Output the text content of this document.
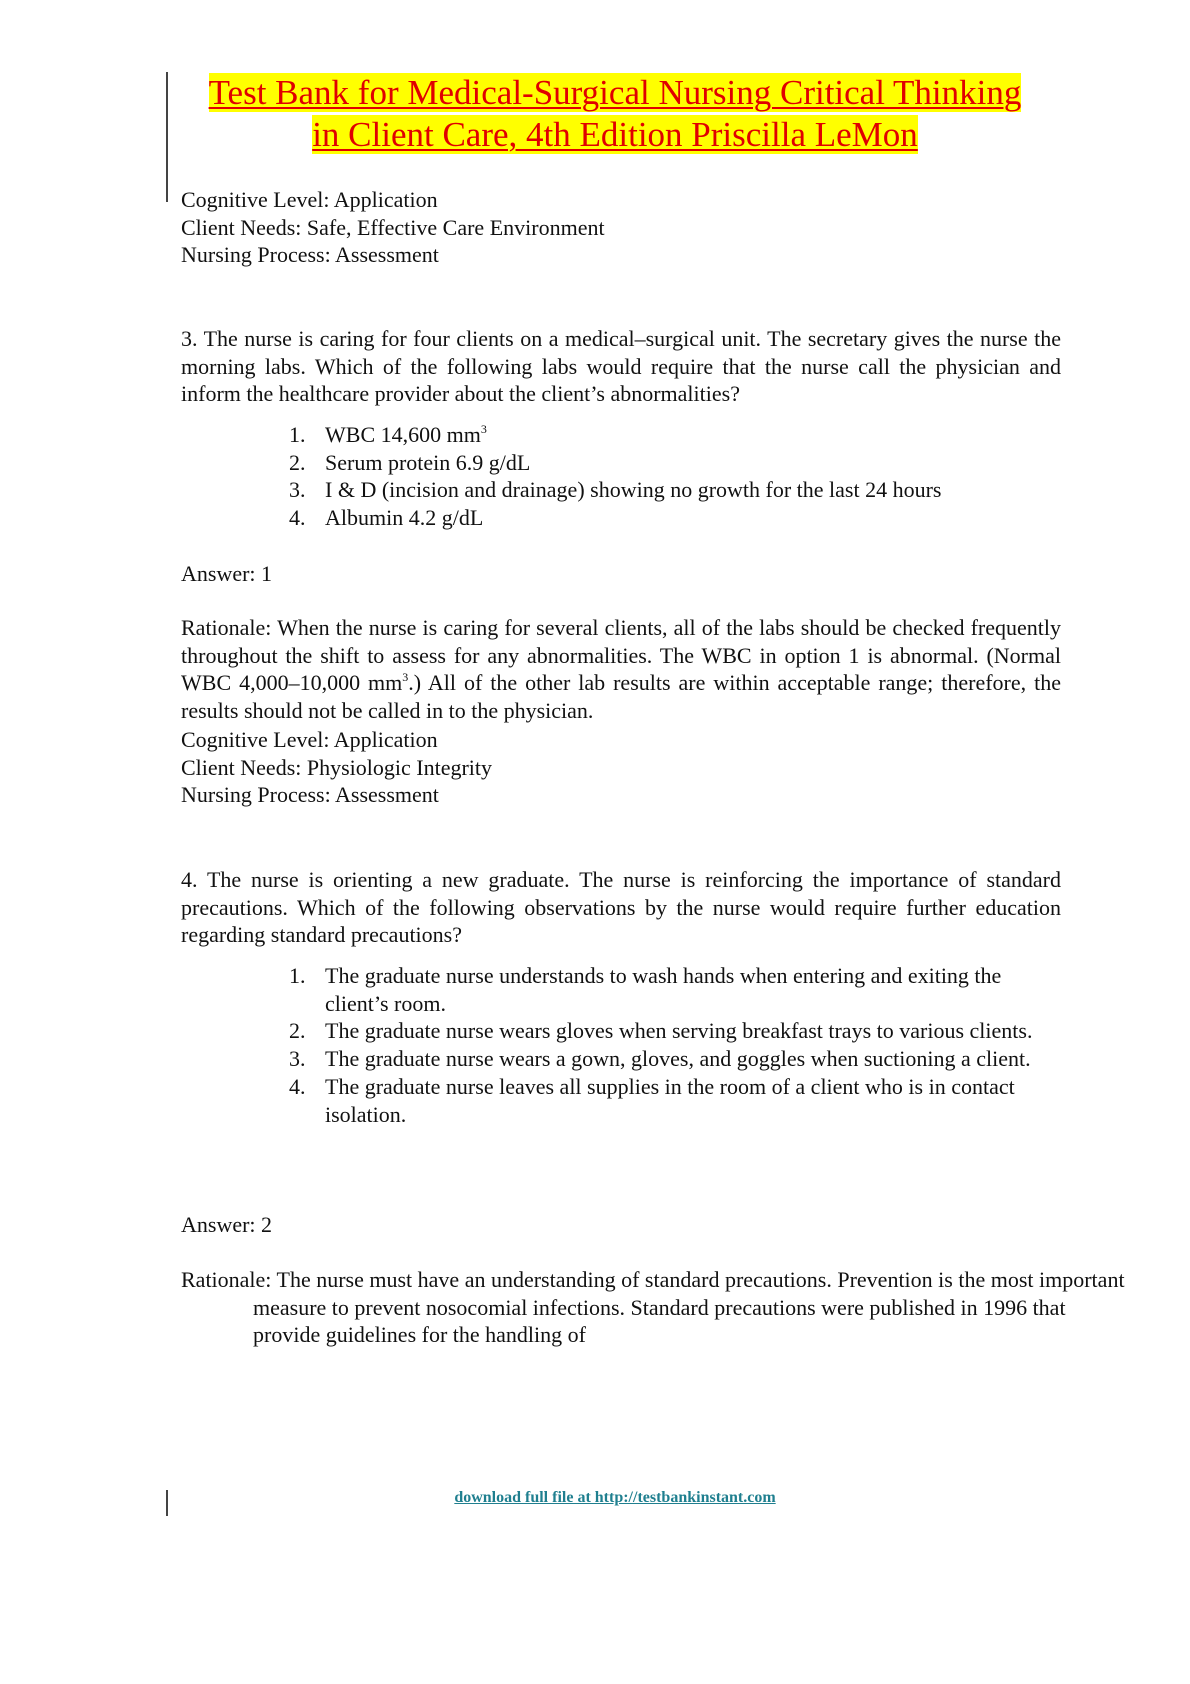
Test Bank for Medical-Surgical Nursing Critical Thinking
in Client Care, 4th Edition Priscilla LeMon

Cognitive Level: Application

Client Needs: Safe, Effective Care Environment

Nursing Process: Assessment

3. The nurse is caring for four clients on a medical–surgical unit. The secretary gives the nurse the morning labs. Which of the following labs would require that the nurse call the physician and inform the healthcare provider about the client’s abnormalities?

1. WBC 14,600 $mm^3$
2. Serum protein 6.9 g/dL
3. I & D (incision and drainage) showing no growth for the last 24 hours
4. Albumin 4.2 g/dL

Answer: 1

Rationale: When the nurse is caring for several clients, all of the labs should be checked frequently throughout the shift to assess for any abnormalities. The WBC in option 1 is abnormal. (Normal WBC 4,000–10,000 $mm^3$.) All of the other lab results are within acceptable range; therefore, the results should not be called in to the physician.

Cognitive Level: Application

Client Needs: Physiologic Integrity

Nursing Process: Assessment

4. The nurse is orienting a new graduate. The nurse is reinforcing the importance of standard precautions. Which of the following observations by the nurse would require further education regarding standard precautions?

1. The graduate nurse understands to wash hands when entering and exiting the client’s room.
2. The graduate nurse wears gloves when serving breakfast trays to various clients.
3. The graduate nurse wears a gown, gloves, and goggles when suctioning a client.
4. The graduate nurse leaves all supplies in the room of a client who is in contact isolation.

Answer: 2

Rationale: The nurse must have an understanding of standard precautions. Prevention is the most important measure to prevent nosocomial infections. Standard precautions were published in 1996 that provide guidelines for the handling of

download full file at http://testbankinstant.com
